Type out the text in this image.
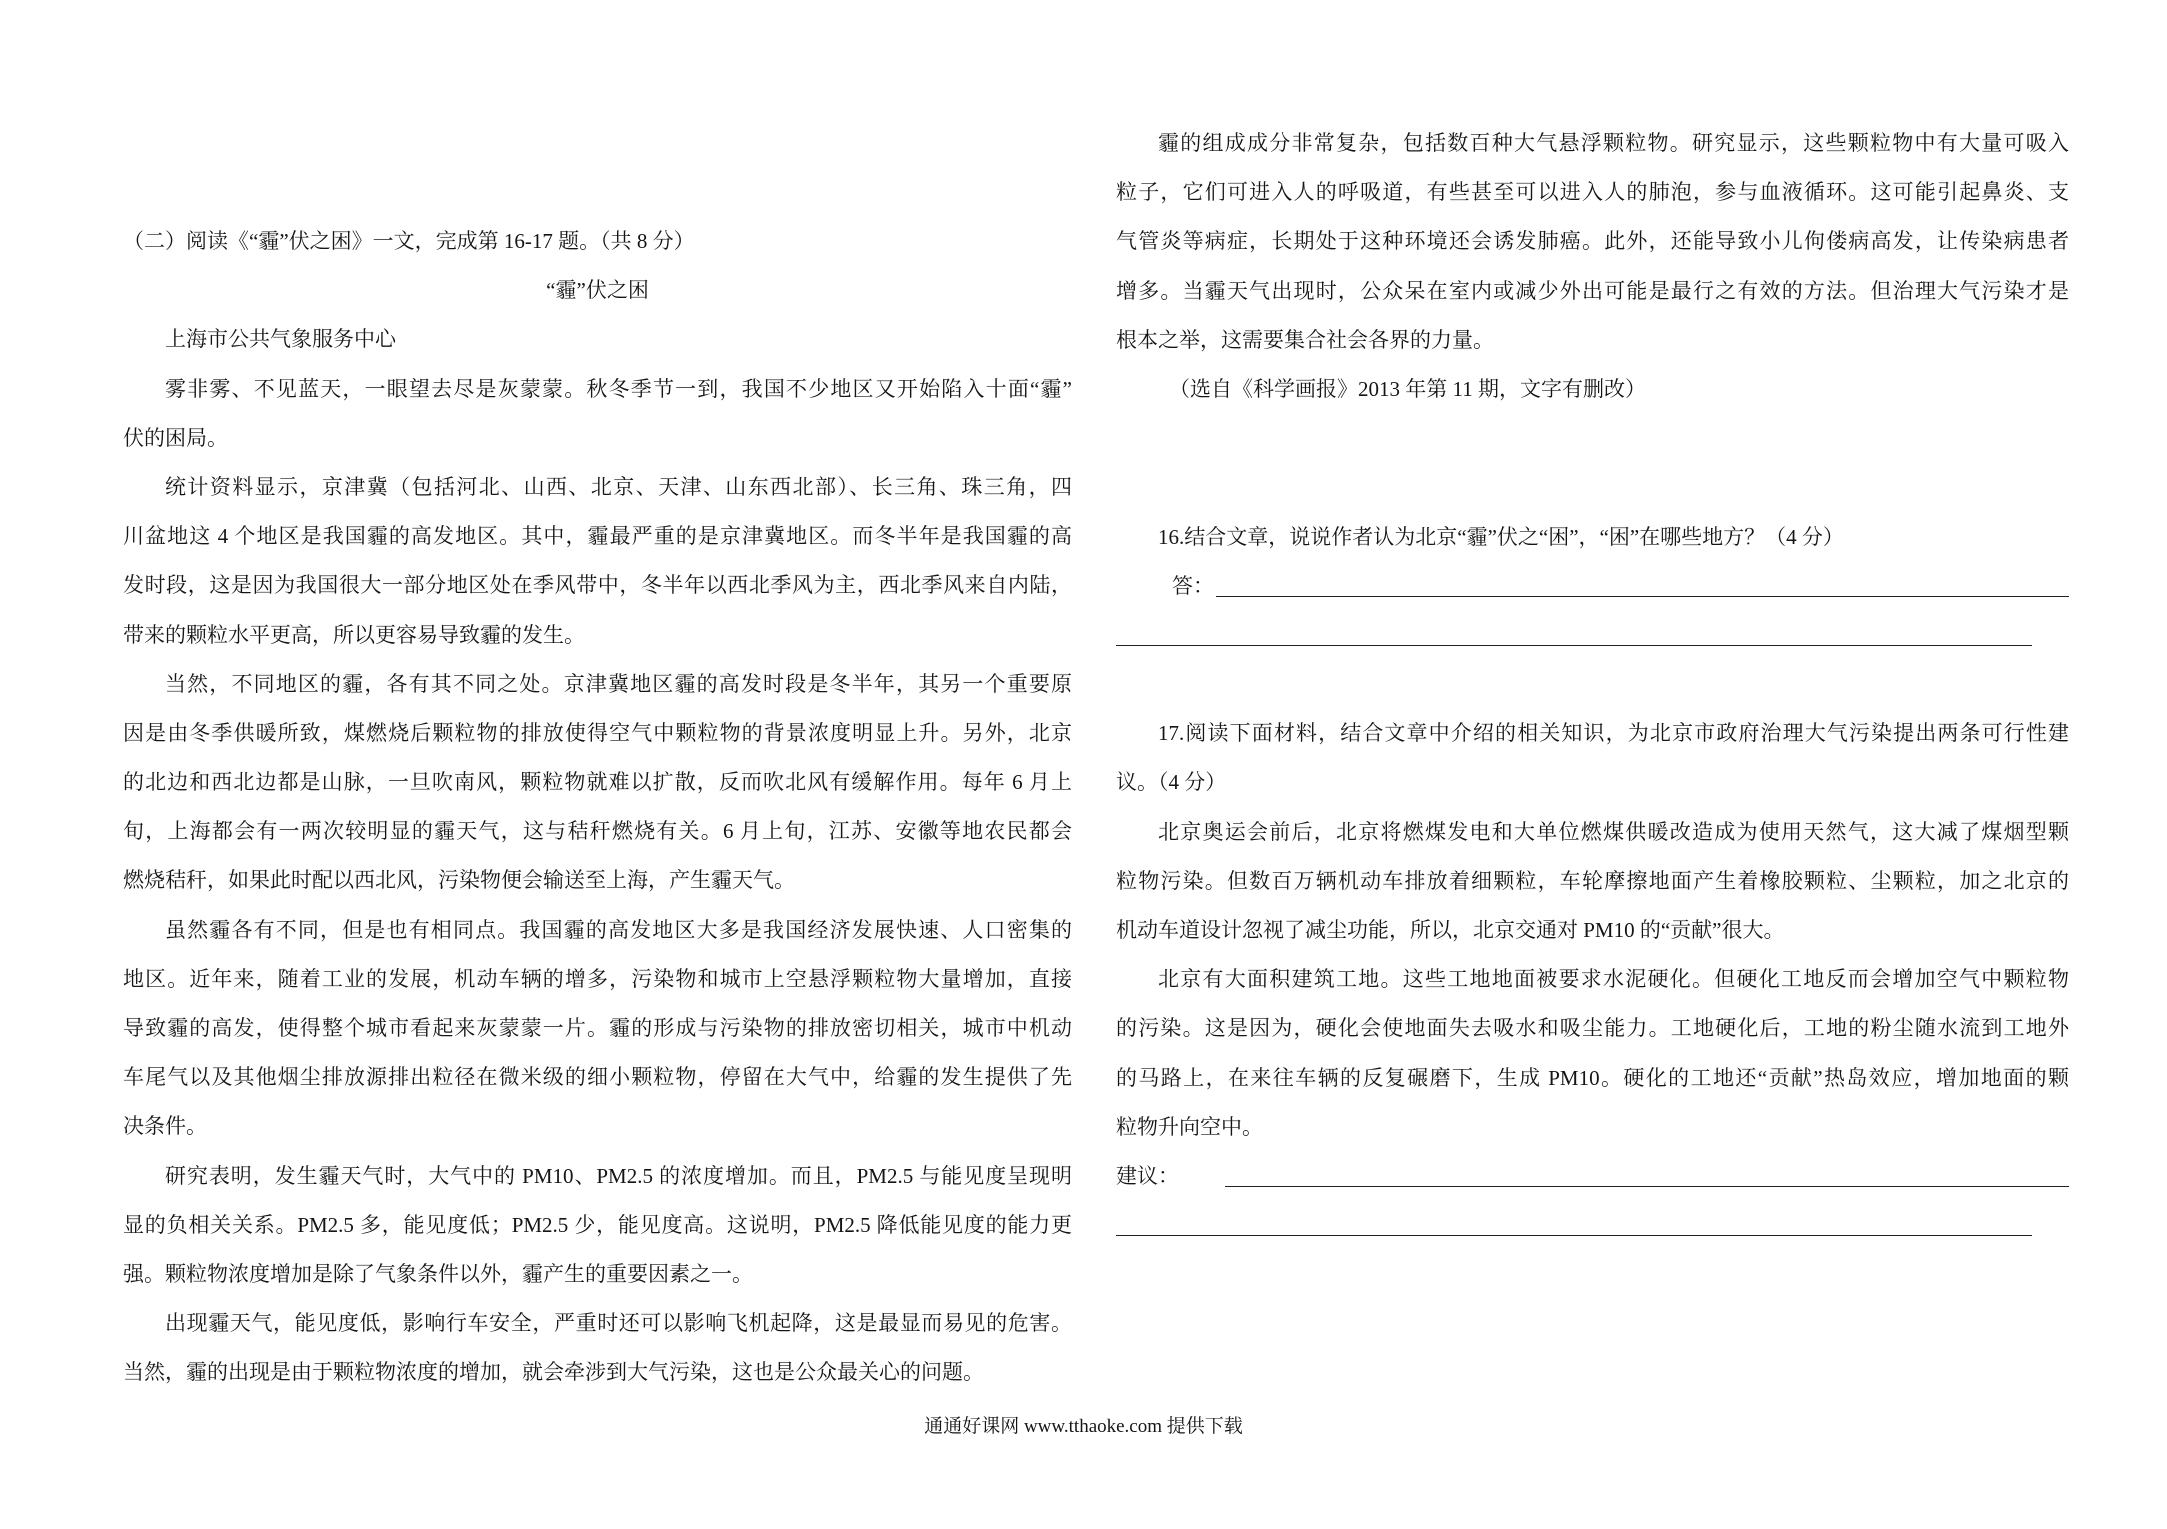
（二）阅读《“霾”伏之困》一文，完成第 16-17 题。（共 8 分）
“霾”伏之困
上海市公共气象服务中心
雾非雾、不见蓝天，一眼望去尽是灰蒙蒙。秋冬季节一到，我国不少地区又开始陷入十面“霾”
伏的困局。
统计资料显示，京津冀（包括河北、山西、北京、天津、山东西北部）、长三角、珠三角，四
川盆地这 4 个地区是我国霾的高发地区。其中，霾最严重的是京津冀地区。而冬半年是我国霾的高
发时段，这是因为我国很大一部分地区处在季风带中，冬半年以西北季风为主，西北季风来自内陆，
带来的颗粒水平更高，所以更容易导致霾的发生。
当然，不同地区的霾，各有其不同之处。京津冀地区霾的高发时段是冬半年，其另一个重要原
因是由冬季供暖所致，煤燃烧后颗粒物的排放使得空气中颗粒物的背景浓度明显上升。另外，北京
的北边和西北边都是山脉，一旦吹南风，颗粒物就难以扩散，反而吹北风有缓解作用。每年 6 月上
旬，上海都会有一两次较明显的霾天气，这与秸秆燃烧有关。6 月上旬，江苏、安徽等地农民都会
燃烧秸秆，如果此时配以西北风，污染物便会输送至上海，产生霾天气。
虽然霾各有不同，但是也有相同点。我国霾的高发地区大多是我国经济发展快速、人口密集的
地区。近年来，随着工业的发展，机动车辆的增多，污染物和城市上空悬浮颗粒物大量增加，直接
导致霾的高发，使得整个城市看起来灰蒙蒙一片。霾的形成与污染物的排放密切相关，城市中机动
车尾气以及其他烟尘排放源排出粒径在微米级的细小颗粒物，停留在大气中，给霾的发生提供了先
决条件。
研究表明，发生霾天气时，大气中的 PM10、PM2.5 的浓度增加。而且，PM2.5 与能见度呈现明
显的负相关关系。PM2.5 多，能见度低；PM2.5 少，能见度高。这说明，PM2.5 降低能见度的能力更
强。颗粒物浓度增加是除了气象条件以外，霾产生的重要因素之一。
出现霾天气，能见度低，影响行车安全，严重时还可以影响飞机起降，这是最显而易见的危害。
当然，霾的出现是由于颗粒物浓度的增加，就会牵涉到大气污染，这也是公众最关心的问题。
霾的组成成分非常复杂，包括数百种大气悬浮颗粒物。研究显示，这些颗粒物中有大量可吸入
粒子，它们可进入人的呼吸道，有些甚至可以进入人的肺泡，参与血液循环。这可能引起鼻炎、支
气管炎等病症，长期处于这种环境还会诱发肺癌。此外，还能导致小儿佝偻病高发，让传染病患者
增多。当霾天气出现时，公众呆在室内或减少外出可能是最行之有效的方法。但治理大气污染才是
根本之举，这需要集合社会各界的力量。
（选自《科学画报》2013 年第 11 期，文字有删改）
16.结合文章，说说作者认为北京“霾”伏之“困”，“困”在哪些地方？（4 分）
答：
17.阅读下面材料，结合文章中介绍的相关知识，为北京市政府治理大气污染提出两条可行性建
议。（4 分）
北京奥运会前后，北京将燃煤发电和大单位燃煤供暖改造成为使用天然气，这大减了煤烟型颗
粒物污染。但数百万辆机动车排放着细颗粒，车轮摩擦地面产生着橡胶颗粒、尘颗粒，加之北京的
机动车道设计忽视了减尘功能，所以，北京交通对 PM10 的“贡献”很大。
北京有大面积建筑工地。这些工地地面被要求水泥硬化。但硬化工地反而会增加空气中颗粒物
的污染。这是因为，硬化会使地面失去吸水和吸尘能力。工地硬化后，工地的粉尘随水流到工地外
的马路上，在来往车辆的反复碾磨下，生成 PM10。硬化的工地还“贡献”热岛效应，增加地面的颗
粒物升向空中。
建议：
通通好课网 www.tthaoke.com 提供下载
